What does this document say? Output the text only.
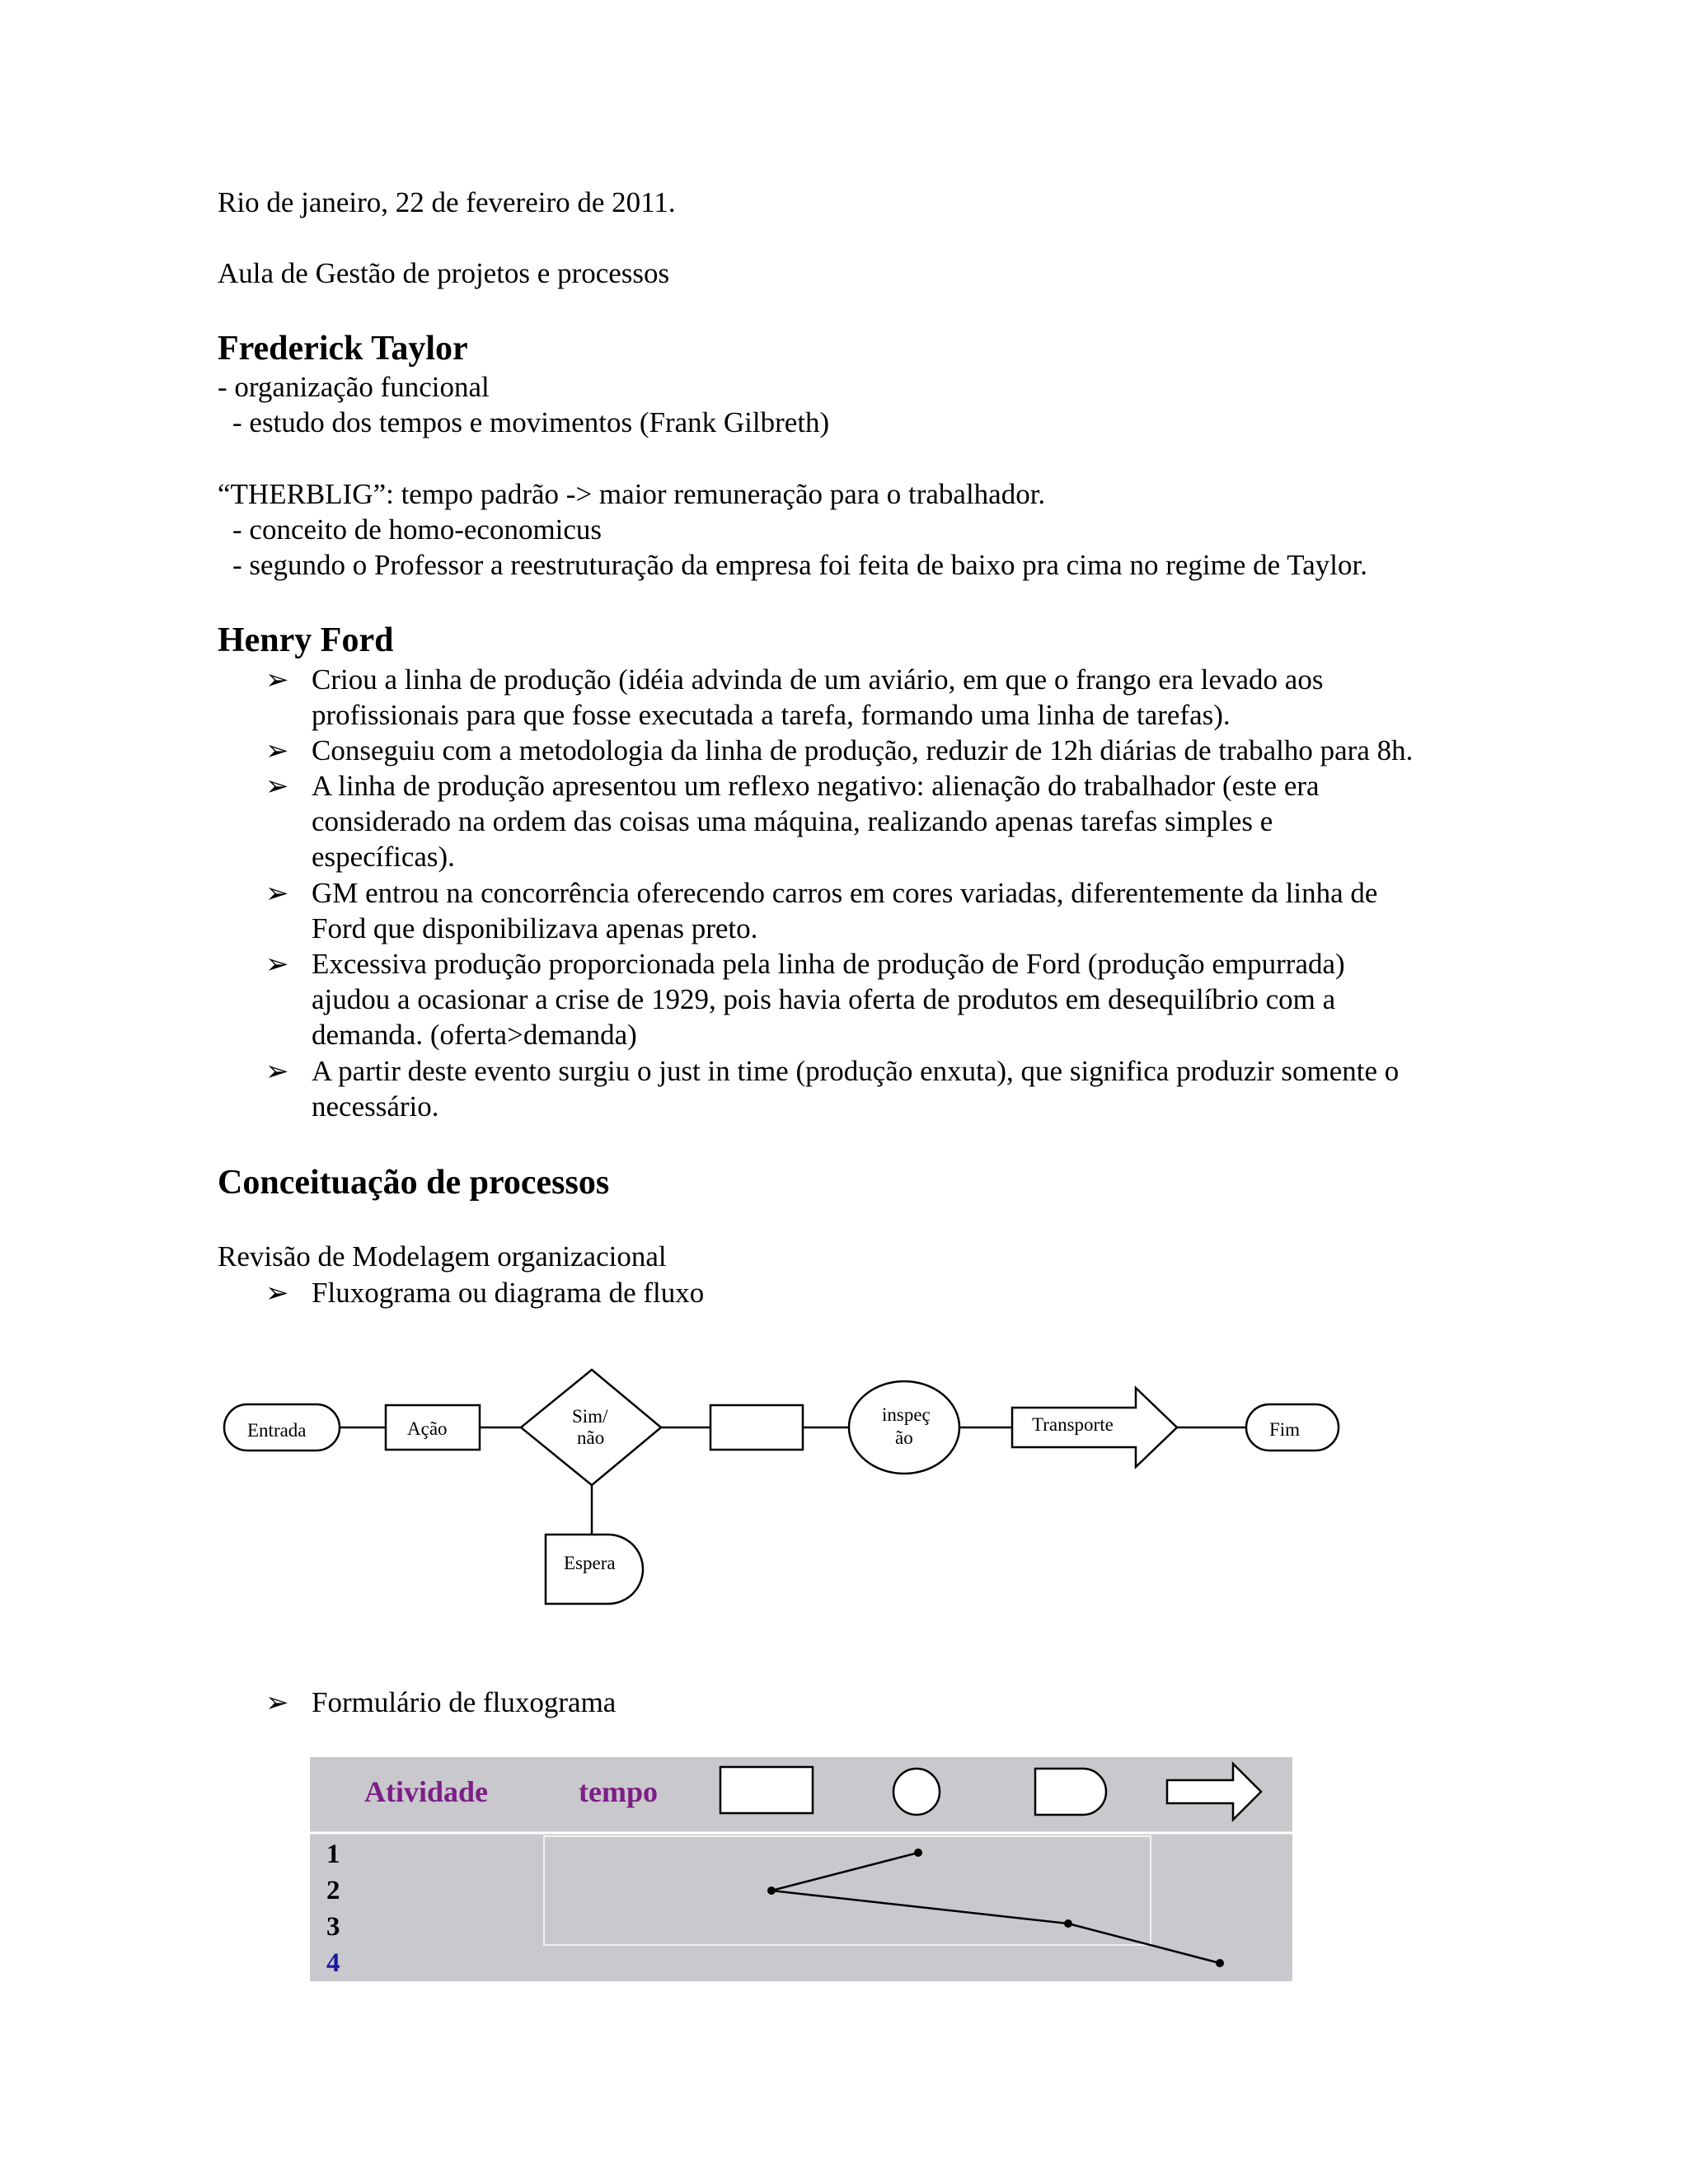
Rio de janeiro, 22 de fevereiro de 2011.
Aula de Gestão de projetos e processos
Frederick Taylor
- organização funcional
- estudo dos tempos e movimentos (Frank Gilbreth)
“THERBLIG”: tempo padrão -> maior remuneração para o trabalhador.
- conceito de homo-economicus
- segundo o Professor a reestruturação da empresa foi feita de baixo pra cima no regime de Taylor.
Henry Ford
➢ Criou a linha de produção (idéia advinda de um aviário, em que o frango era levado aos
profissionais para que fosse executada a tarefa, formando uma linha de tarefas).
➢ Conseguiu com a metodologia da linha de produção, reduzir de 12h diárias de trabalho para 8h.
➢ A linha de produção apresentou um reflexo negativo: alienação do trabalhador (este era
considerado na ordem das coisas uma máquina, realizando apenas tarefas simples e
específicas).
➢ GM entrou na concorrência oferecendo carros em cores variadas, diferentemente da linha de
Ford que disponibilizava apenas preto.
➢ Excessiva produção proporcionada pela linha de produção de Ford (produção empurrada)
ajudou a ocasionar a crise de 1929, pois havia oferta de produtos em desequilíbrio com a
demanda. (oferta>demanda)
➢ A partir deste evento surgiu o just in time (produção enxuta), que significa produzir somente o
necessário.
Conceituação de processos
Revisão de Modelagem organizacional
➢ Fluxograma ou diagrama de fluxo
Entrada	Ação
Sim/
não
inspeç
ão
Transporte	Fim
Espera
➢ Formulário de fluxograma
Atividade	tempo
1
2
3
4
